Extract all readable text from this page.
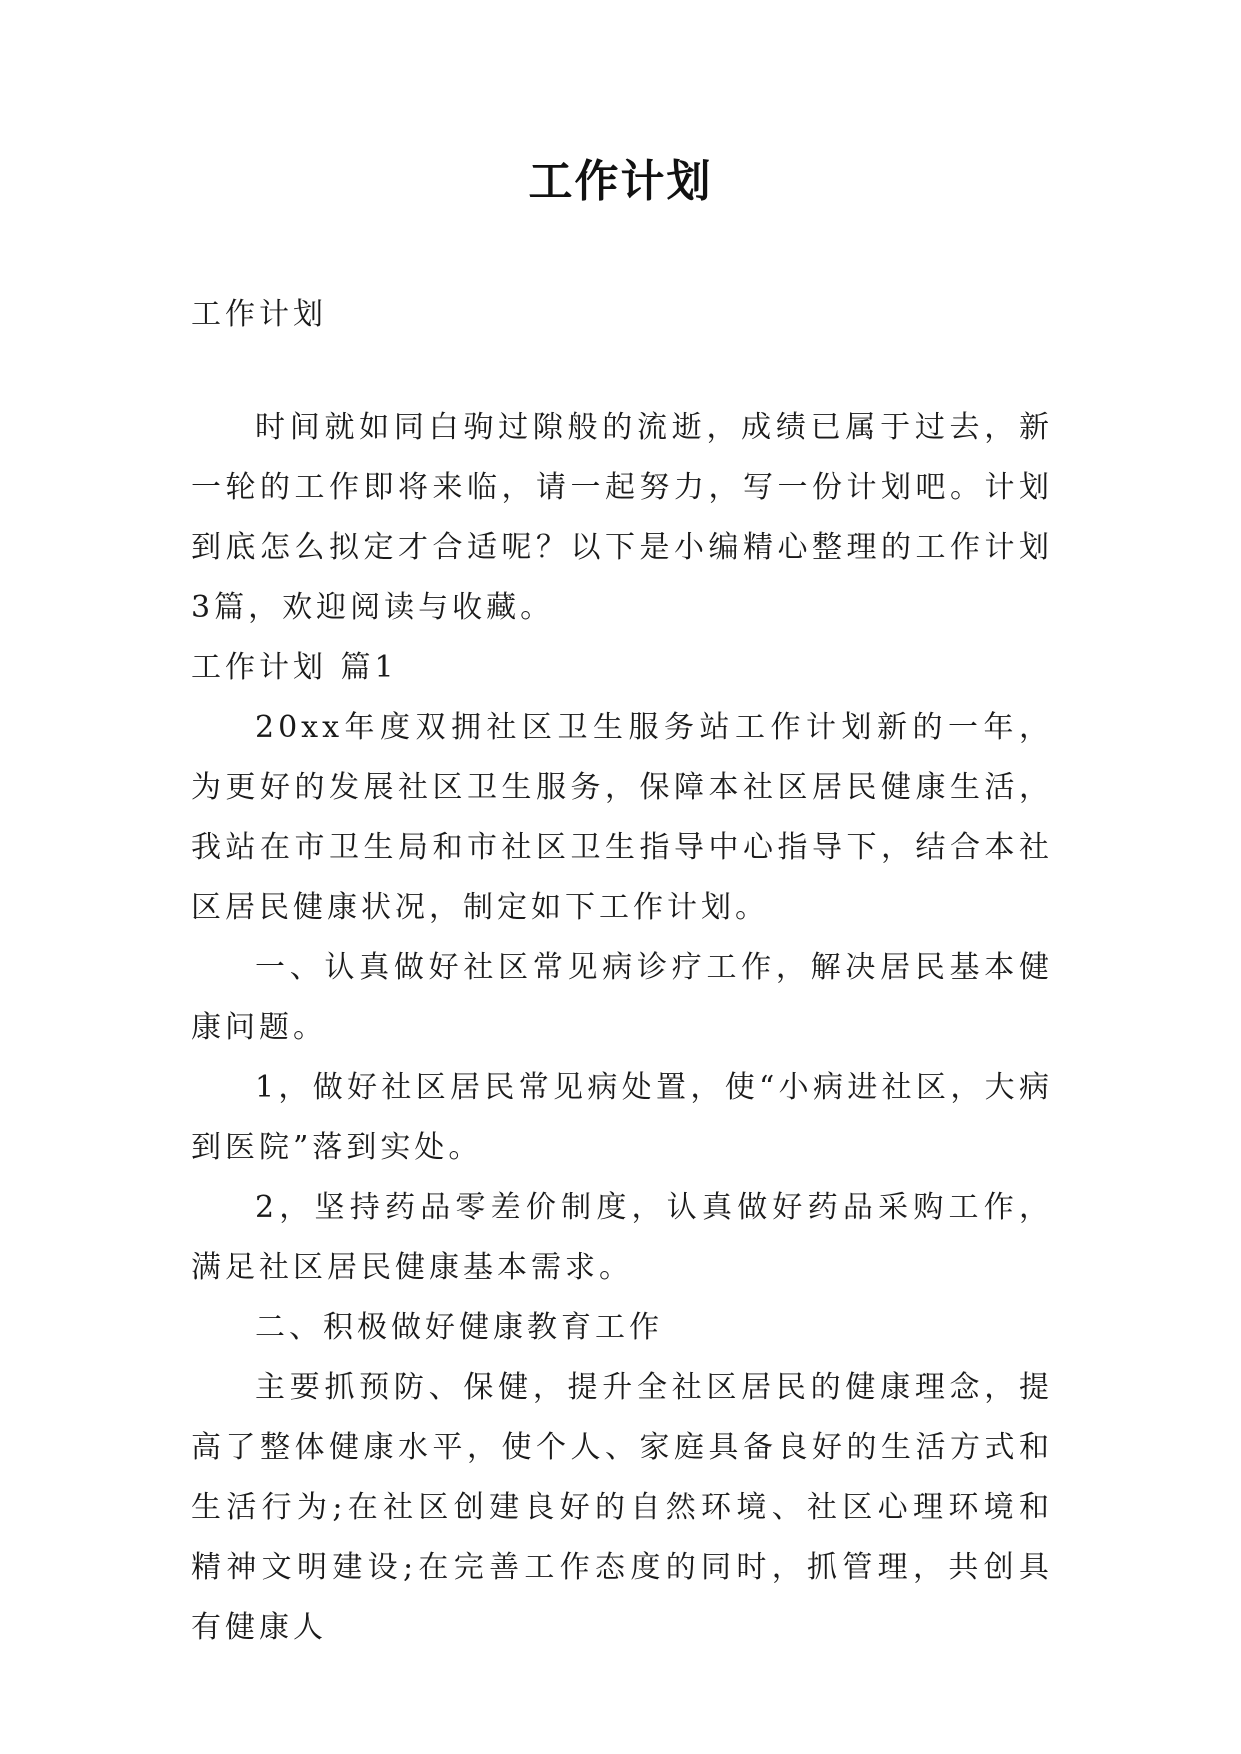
工作计划
工作计划

时间就如同白驹过隙般的流逝，成绩已属于过去，新一轮的工作即将来临，请一起努力，写一份计划吧。计划到底怎么拟定才合适呢？以下是小编精心整理的工作计划3篇，欢迎阅读与收藏。

工作计划 篇1

20xx年度双拥社区卫生服务站工作计划新的一年，为更好的发展社区卫生服务，保障本社区居民健康生活，我站在市卫生局和市社区卫生指导中心指导下，结合本社区居民健康状况，制定如下工作计划。

一、认真做好社区常见病诊疗工作，解决居民基本健康问题。

1，做好社区居民常见病处置，使“小病进社区，大病到医院”落到实处。

2，坚持药品零差价制度，认真做好药品采购工作，满足社区居民健康基本需求。

二、积极做好健康教育工作

主要抓预防、保健，提升全社区居民的健康理念，提高了整体健康水平，使个人、家庭具备良好的生活方式和生活行为;在社区创建良好的自然环境、社区心理环境和精神文明建设;在完善工作态度的同时，抓管理，共创具有健康人
